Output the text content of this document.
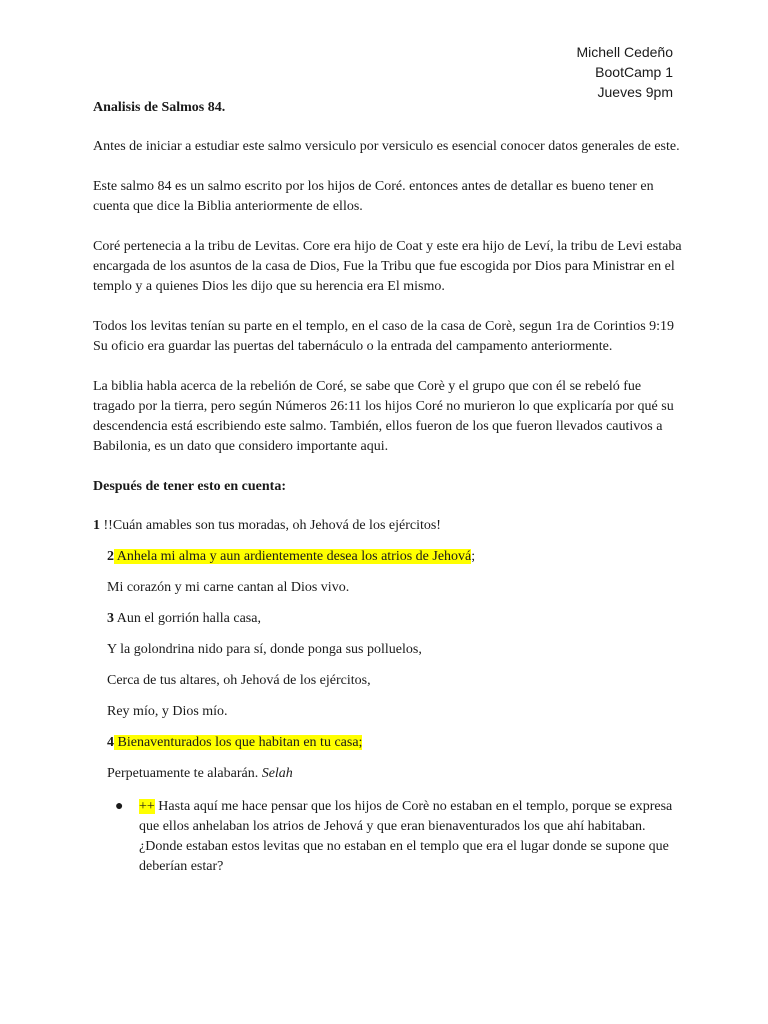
Michell Cedeño
BootCamp 1
Jueves 9pm
Analisis de Salmos 84.

Antes de iniciar a estudiar este salmo versiculo por versiculo es esencial conocer datos generales de este.

Este salmo 84 es un salmo escrito por los hijos de Coré. entonces antes de detallar es bueno tener en cuenta que dice la Biblia anteriormente de ellos.

Coré pertenecia a la tribu de Levitas. Core era hijo de Coat y este era hijo de Leví, la tribu de Levi estaba encargada de los asuntos de la casa de Dios, Fue la Tribu que fue escogida por Dios para Ministrar en el templo y a quienes Dios les dijo que su herencia era El mismo.

Todos los levitas tenían su parte en el templo, en el caso de la casa de Corè, segun 1ra de Corintios 9:19 Su oficio era guardar las puertas del tabernáculo o la entrada del campamento anteriormente.

La biblia habla acerca de la rebelión de Coré, se sabe que Corè y el grupo que con él se rebeló fue tragado por la tierra, pero según Números 26:11 los hijos Coré no murieron lo que explicaría por qué su descendencia está escribiendo este salmo. También, ellos fueron de los que fueron llevados cautivos a Babilonia, es un dato que considero importante aqui.

Después de tener esto en cuenta:
1 !!Cuán amables son tus moradas, oh Jehová de los ejércitos!
2 Anhela mi alma y aun ardientemente desea los atrios de Jehová;
Mi corazón y mi carne cantan al Dios vivo.
3 Aun el gorrión halla casa,
Y la golondrina nido para sí, donde ponga sus polluelos,
Cerca de tus altares, oh Jehová de los ejércitos,
Rey mío, y Dios mío.
4 Bienaventurados los que habitan en tu casa;
Perpetuamente te alabarán. Selah
● ++ Hasta aquí me hace pensar que los hijos de Corè no estaban en el templo, porque se expresa que ellos anhelaban los atrios de Jehová y que eran bienaventurados los que ahí habitaban. ¿Donde estaban estos levitas que no estaban en el templo que era el lugar donde se supone que deberían estar?
